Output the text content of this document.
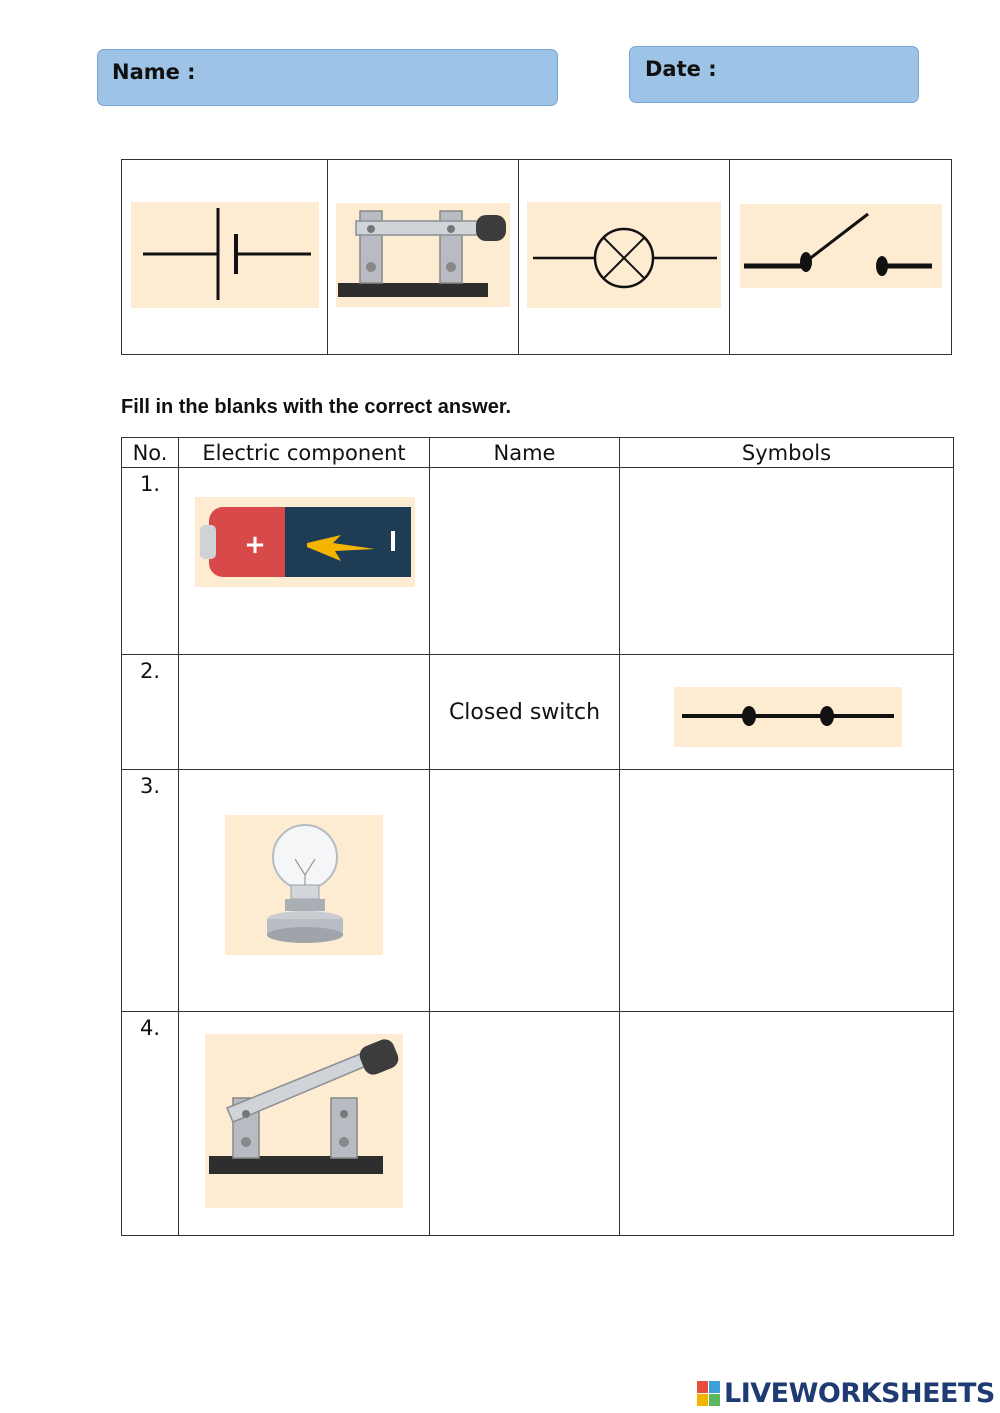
Name :	Date :

Fill in the blanks with the correct answer.
No.	Electric component	Name	Symbols
1.	+		

2.		Closed switch	

3.	

4.	

LIVEWORKSHEETS
